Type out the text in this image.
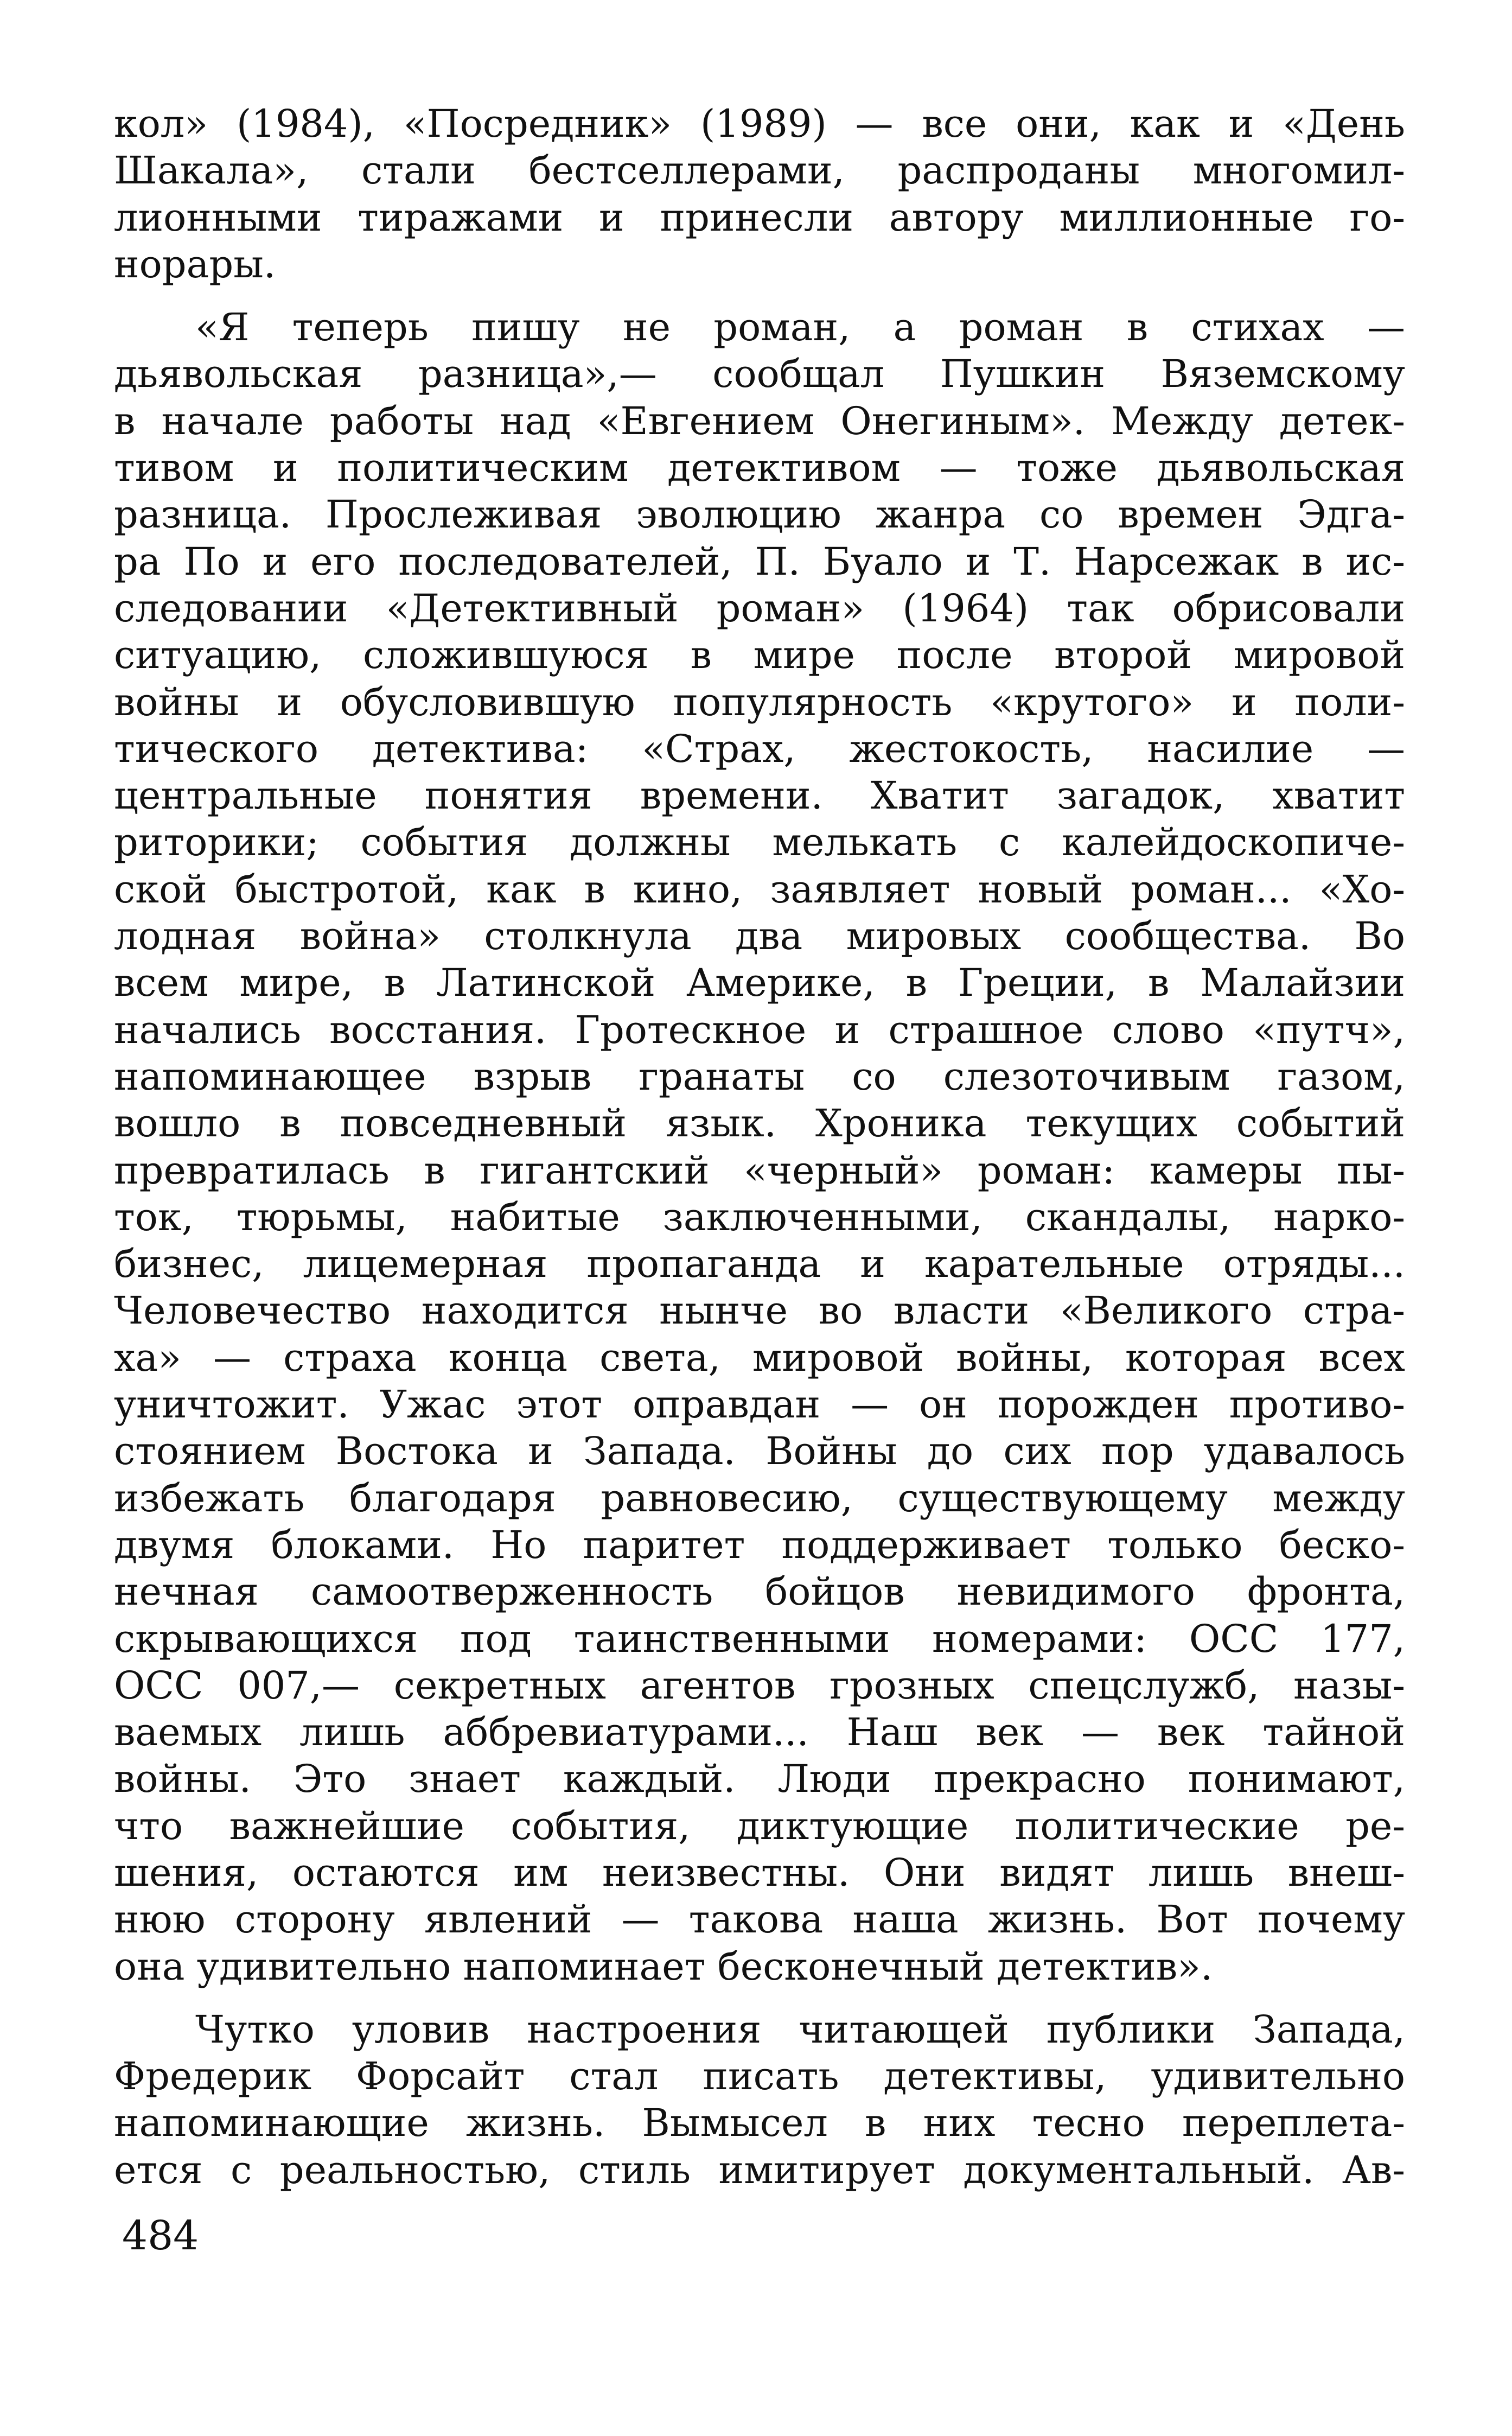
кол» (1984), «Посредник» (1989) — все они, как и «День
Шакала», стали бестселлерами, распроданы многомил-
лионными тиражами и принесли автору миллионные го-
норары.
«Я теперь пишу не роман, а роман в стихах —
дьявольская разница»,— сообщал Пушкин Вяземскому
в начале работы над «Евгением Онегиным». Между детек-
тивом и политическим детективом — тоже дьявольская
разница. Прослеживая эволюцию жанра со времен Эдга-
ра По и его последователей, П. Буало и Т. Нарсежак в ис-
следовании «Детективный роман» (1964) так обрисовали
ситуацию, сложившуюся в мире после второй мировой
войны и обусловившую популярность «крутого» и поли-
тического детектива: «Страх, жестокость, насилие —
центральные понятия времени. Хватит загадок, хватит
риторики; события должны мелькать с калейдоскопиче-
ской быстротой, как в кино, заявляет новый роман... «Хо-
лодная война» столкнула два мировых сообщества. Во
всем мире, в Латинской Америке, в Греции, в Малайзии
начались восстания. Гротескное и страшное слово «путч»,
напоминающее взрыв гранаты со слезоточивым газом,
вошло в повседневный язык. Хроника текущих событий
превратилась в гигантский «черный» роман: камеры пы-
ток, тюрьмы, набитые заключенными, скандалы, нарко-
бизнес, лицемерная пропаганда и карательные отряды...
Человечество находится нынче во власти «Великого стра-
ха» — страха конца света, мировой войны, которая всех
уничтожит. Ужас этот оправдан — он порожден противо-
стоянием Востока и Запада. Войны до сих пор удавалось
избежать благодаря равновесию, существующему между
двумя блоками. Но паритет поддерживает только беско-
нечная самоотверженность бойцов невидимого фронта,
скрывающихся под таинственными номерами: ОСС 177,
ОСС 007,— секретных агентов грозных спецслужб, назы-
ваемых лишь аббревиатурами... Наш век — век тайной
войны. Это знает каждый. Люди прекрасно понимают,
что важнейшие события, диктующие политические ре-
шения, остаются им неизвестны. Они видят лишь внеш-
нюю сторону явлений — такова наша жизнь. Вот почему
она удивительно напоминает бесконечный детектив».
Чутко уловив настроения читающей публики Запада,
Фредерик Форсайт стал писать детективы, удивительно
напоминающие жизнь. Вымысел в них тесно переплета-
ется с реальностью, стиль имитирует документальный. Ав-
484
